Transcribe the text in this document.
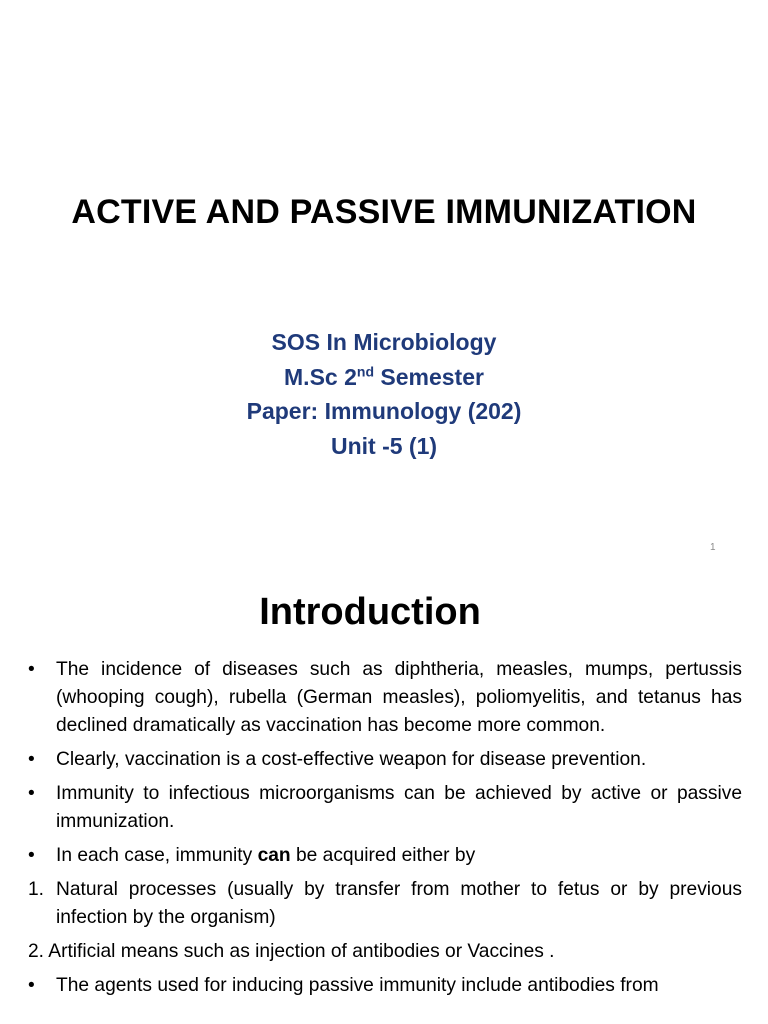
ACTIVE AND PASSIVE IMMUNIZATION
SOS In Microbiology
M.Sc 2nd Semester
Paper: Immunology (202)
Unit -5 (1)
1
Introduction
• The incidence of diseases such as diphtheria, measles, mumps, pertussis (whooping cough), rubella (German measles), poliomyelitis, and tetanus has declined dramatically as vaccination has become more common.
• Clearly, vaccination is a cost-effective weapon for disease prevention.
• Immunity to infectious microorganisms can be achieved by active or passive immunization.
• In each case, immunity can be acquired either by
1. Natural processes (usually by transfer from mother to fetus or by previous infection by the organism)
2. Artificial means such as injection of antibodies or Vaccines .
• The agents used for inducing passive immunity include antibodies from
